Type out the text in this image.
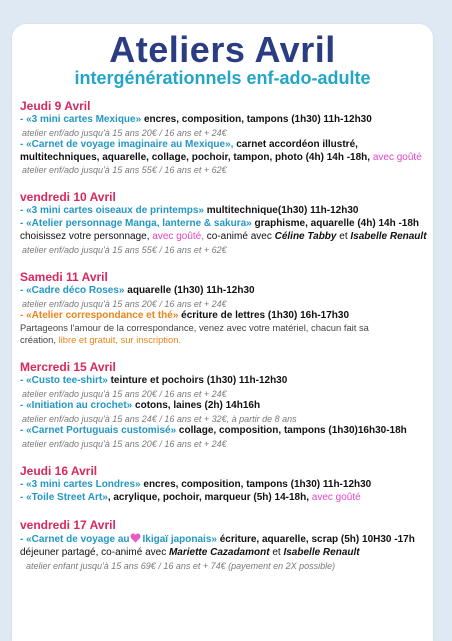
Ateliers Avril
intergénérationnels enf-ado-adulte
Jeudi 9 Avril
- «3 mini cartes Mexique» encres, composition, tampons (1h30) 11h-12h30
atelier enf/ado jusqu'à 15 ans 20€ / 16 ans et + 24€
- «Carnet de voyage imaginaire au Mexique», carnet accordéon illustré,
multitechniques, aquarelle, collage, pochoir, tampon, photo (4h) 14h -18h, avec goûté
atelier enf/ado jusqu'à 15 ans 55€ / 16 ans et + 62€
vendredi 10 Avril
- «3 mini cartes oiseaux de printemps» multitechnique(1h30) 11h-12h30
- «Atelier personnage Manga, lanterne & sakura» graphisme, aquarelle (4h) 14h -18h
choisissez votre personnage, avec goûté, co-animé avec Céline Tabby et Isabelle Renault
atelier enf/ado jusqu'à 15 ans 55€ / 16 ans et + 62€
Samedi 11 Avril
- «Cadre déco Roses» aquarelle (1h30) 11h-12h30
atelier enf/ado jusqu'à 15 ans 20€ / 16 ans et + 24€
- «Atelier correspondance et thé» écriture de lettres (1h30) 16h-17h30
Partageons l'amour de la correspondance, venez avec votre matériel, chacun fait sa
création, libre et gratuit, sur inscription.
Mercredi 15 Avril
- «Custo tee-shirt» teinture et pochoirs (1h30) 11h-12h30
atelier enf/ado jusqu'à 15 ans 20€ / 16 ans et + 24€
- «Initiation au crochet» cotons, laines (2h) 14h16h
atelier enf/ado jusqu'à 15 ans 24€ / 16 ans et + 32€, à partir de 8 ans
- «Carnet Portuguais customisé» collage, composition, tampons (1h30)16h30-18h
atelier enf/ado jusqu'à 15 ans 20€ / 16 ans et + 24€
Jeudi 16 Avril
- «3 mini cartes Londres» encres, composition, tampons (1h30) 11h-12h30
- «Toile Street Art», acrylique, pochoir, marqueur (5h) 14-18h, avec goûté
vendredi 17 Avril
- «Carnet de voyage au Ikigaï japonais» écriture, aquarelle, scrap (5h) 10H30 -17h
déjeuner partagé, co-animé avec Mariette Cazadamont et Isabelle Renault
atelier enfant jusqu'à 15 ans 69€ / 16 ans et + 74€ (payement en 2X possible)
